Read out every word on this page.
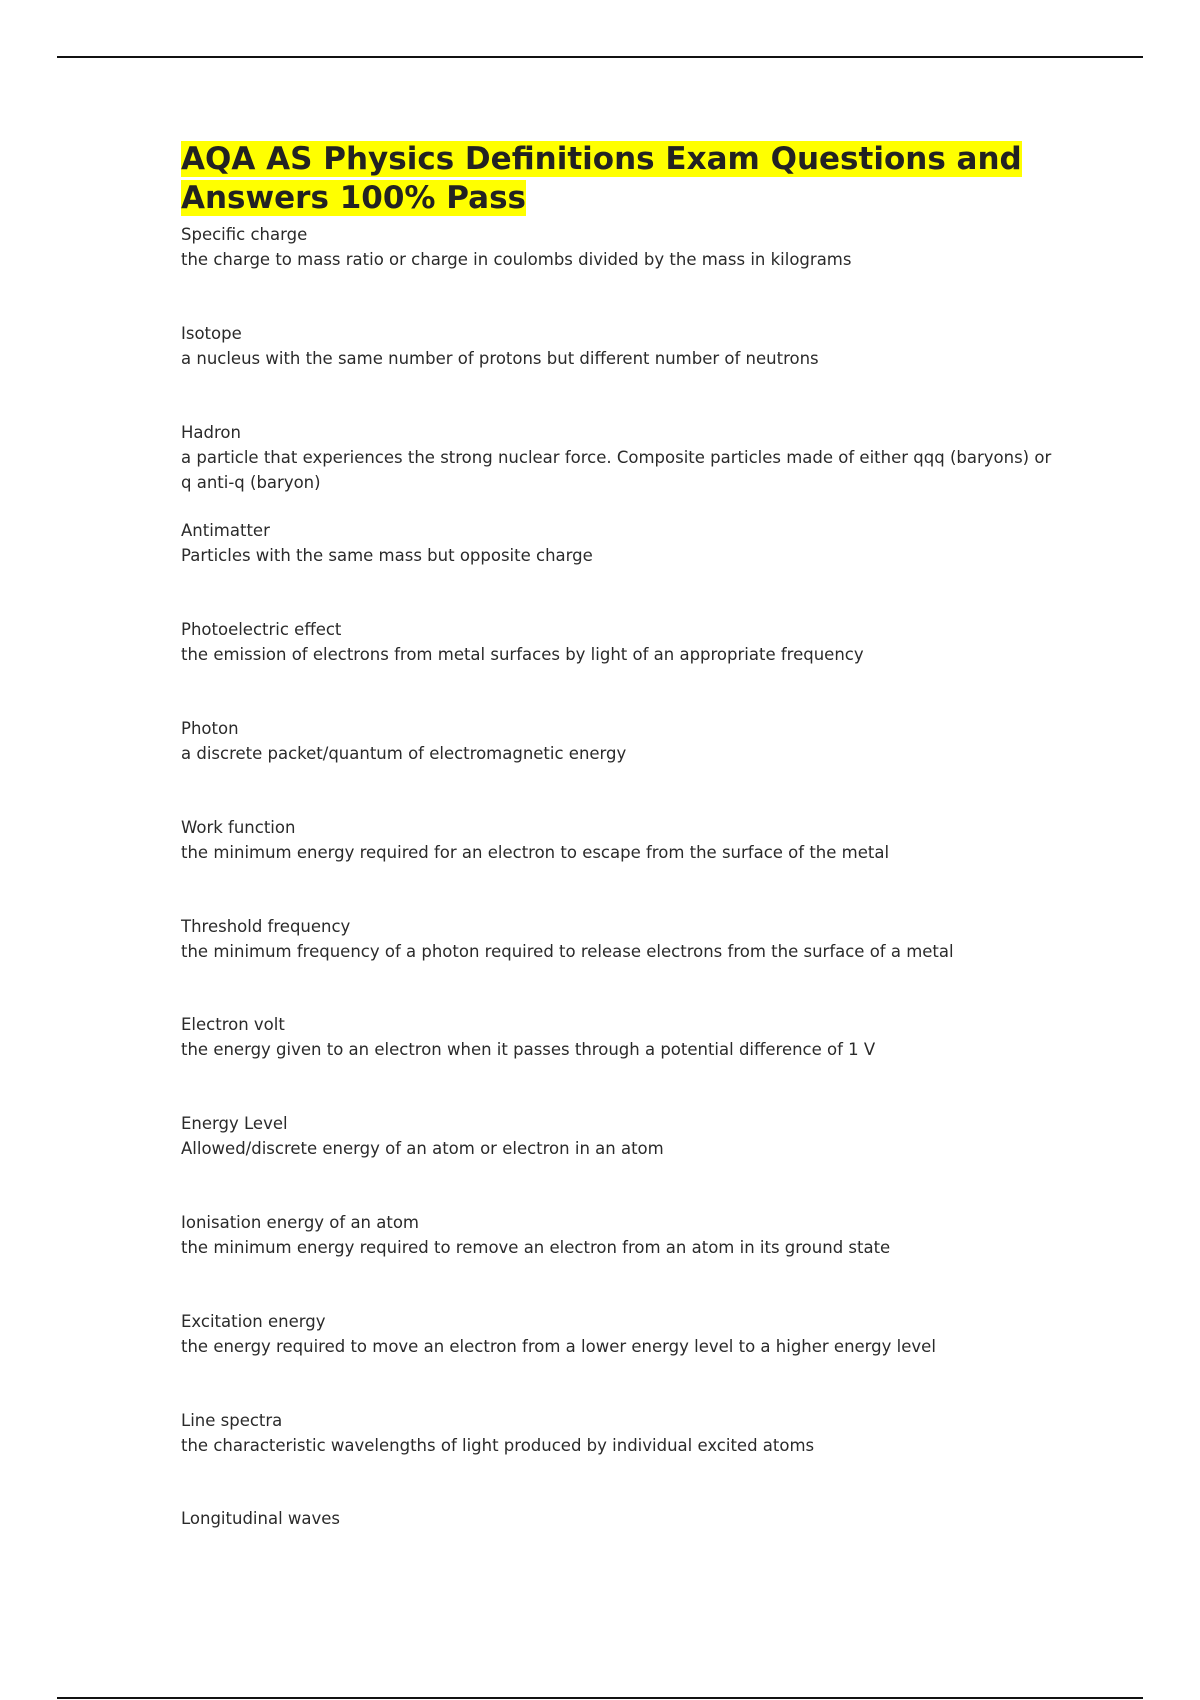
AQA AS Physics Definitions Exam Questions and Answers 100% Pass
Specific charge
the charge to mass ratio or charge in coulombs divided by the mass in kilograms
Isotope
a nucleus with the same number of protons but different number of neutrons
Hadron
a particle that experiences the strong nuclear force. Composite particles made of either qqq (baryons) or q anti-q (baryon)
Antimatter
Particles with the same mass but opposite charge
Photoelectric effect
the emission of electrons from metal surfaces by light of an appropriate frequency
Photon
a discrete packet/quantum of electromagnetic energy
Work function
the minimum energy required for an electron to escape from the surface of the metal
Threshold frequency
the minimum frequency of a photon required to release electrons from the surface of a metal
Electron volt
the energy given to an electron when it passes through a potential difference of 1 V
Energy Level
Allowed/discrete energy of an atom or electron in an atom
Ionisation energy of an atom
the minimum energy required to remove an electron from an atom in its ground state
Excitation energy
the energy required to move an electron from a lower energy level to a higher energy level
Line spectra
the characteristic wavelengths of light produced by individual excited atoms
Longitudinal waves
